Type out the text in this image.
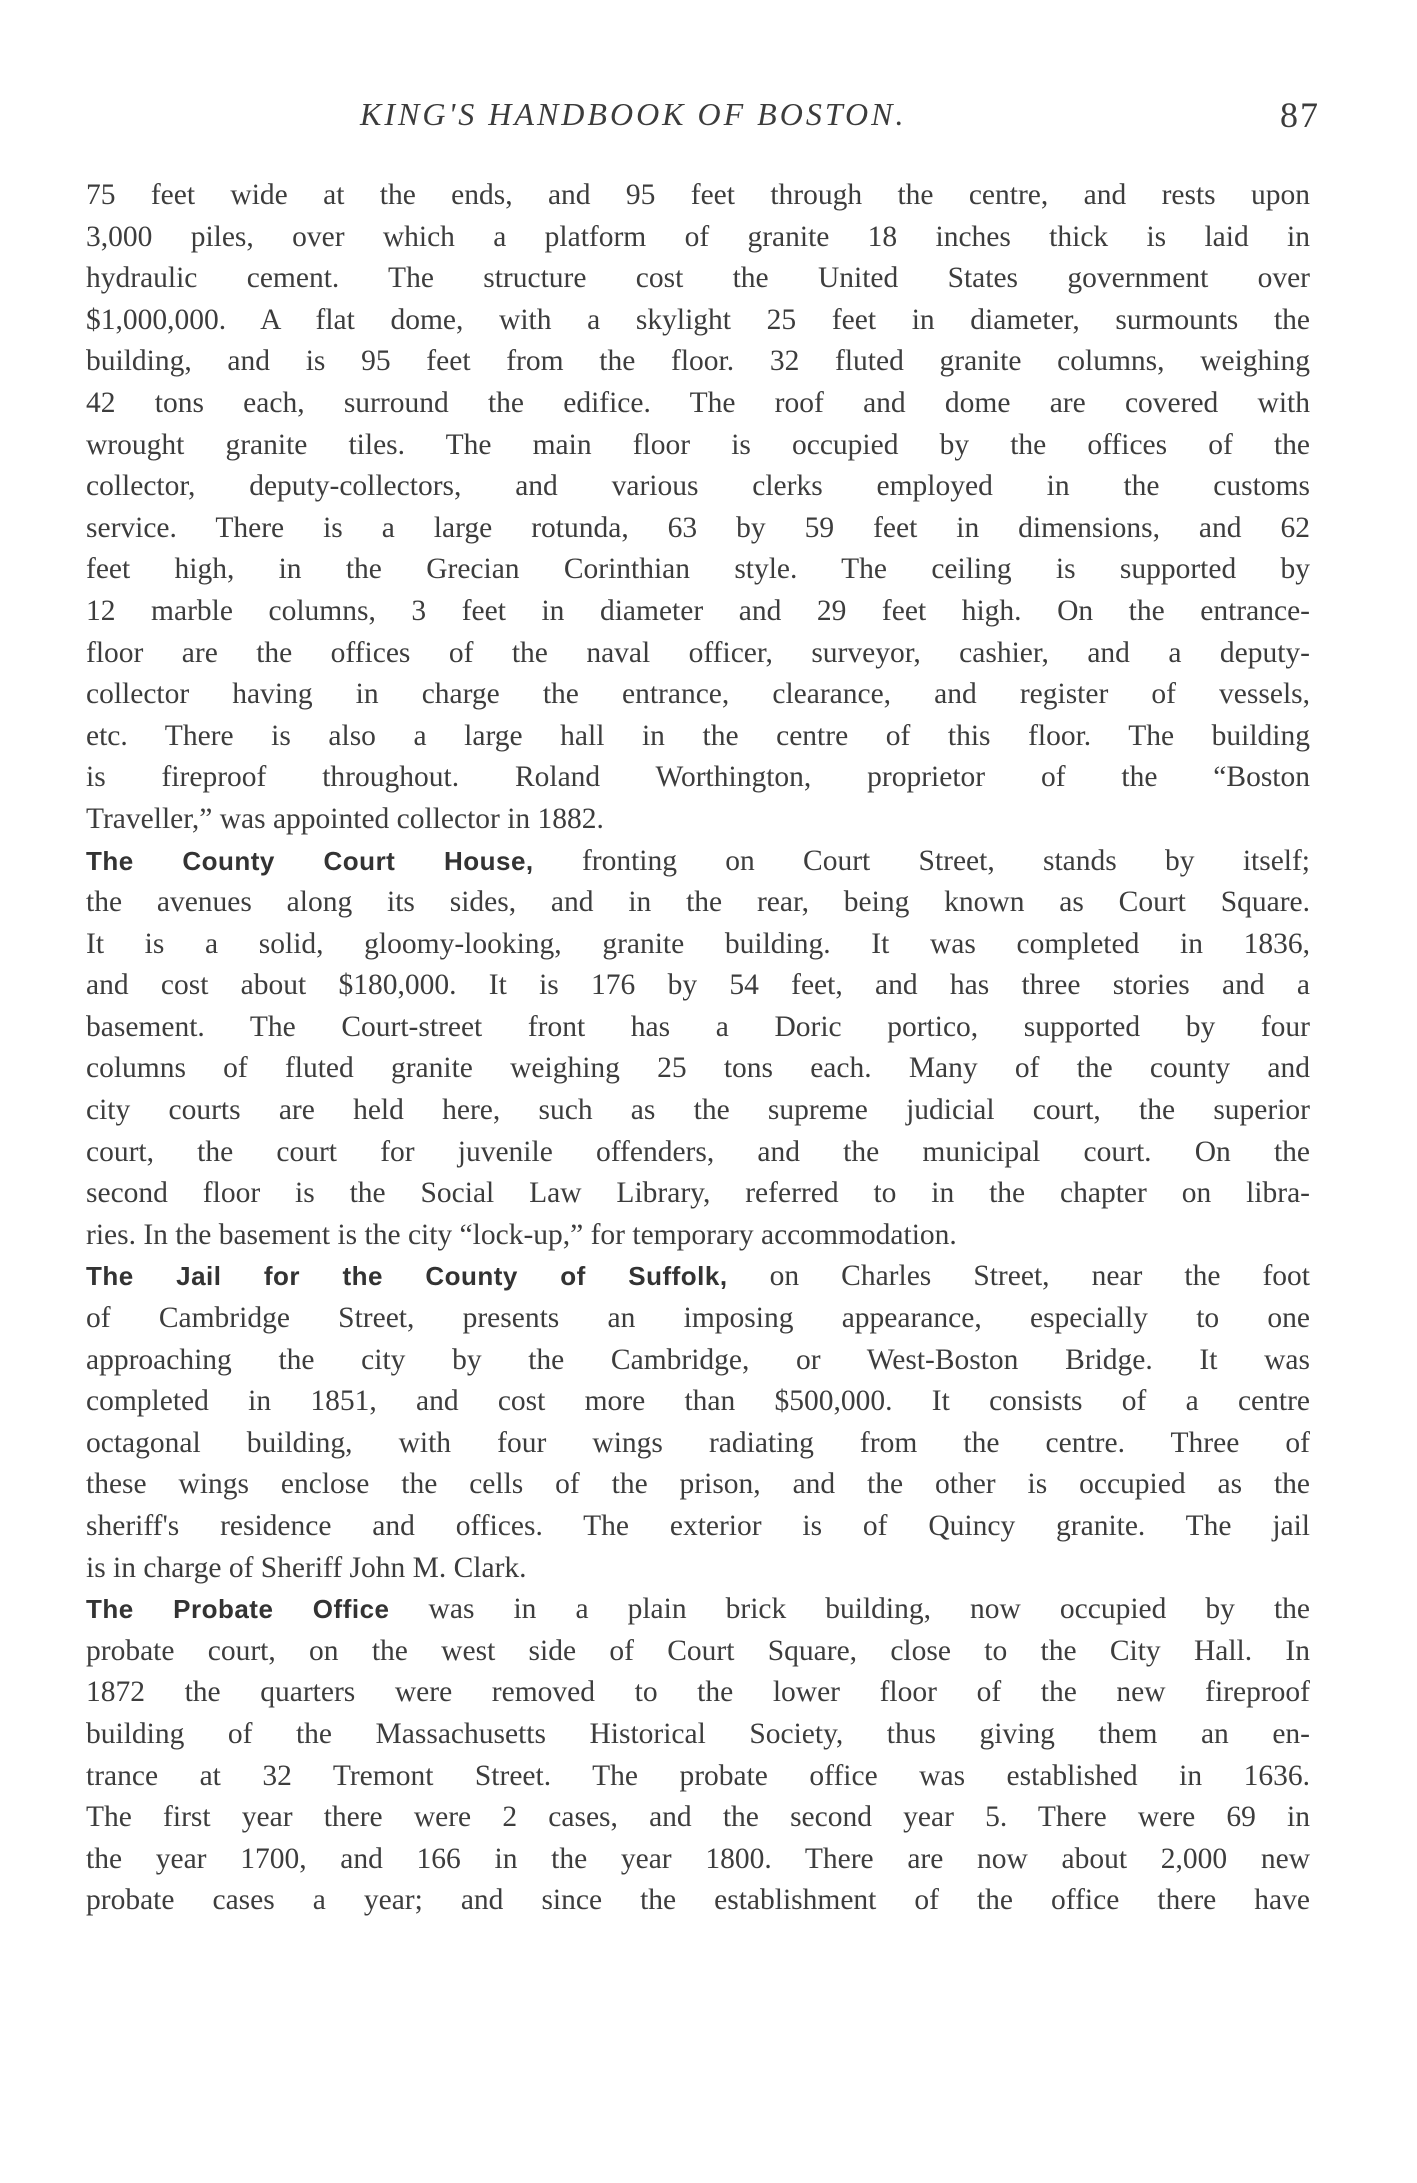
KING'S HANDBOOK OF BOSTON.	87
75 feet wide at the ends, and 95 feet through the centre, and rests upon
3,000 piles, over which a platform of granite 18 inches thick is laid in
hydraulic cement. The structure cost the United States government over
$1,000,000. A flat dome, with a skylight 25 feet in diameter, surmounts the
building, and is 95 feet from the floor. 32 fluted granite columns, weighing
42 tons each, surround the edifice. The roof and dome are covered with
wrought granite tiles. The main floor is occupied by the offices of the
collector, deputy-collectors, and various clerks employed in the customs
service. There is a large rotunda, 63 by 59 feet in dimensions, and 62
feet high, in the Grecian Corinthian style. The ceiling is supported by
12 marble columns, 3 feet in diameter and 29 feet high. On the entrance-
floor are the offices of the naval officer, surveyor, cashier, and a deputy-
collector having in charge the entrance, clearance, and register of vessels,
etc. There is also a large hall in the centre of this floor. The building
is fireproof throughout. Roland Worthington, proprietor of the “Boston
Traveller,” was appointed collector in 1882.
The County Court House, fronting on Court Street, stands by itself;
the avenues along its sides, and in the rear, being known as Court Square.
It is a solid, gloomy-looking, granite building. It was completed in 1836,
and cost about $180,000. It is 176 by 54 feet, and has three stories and a
basement. The Court-street front has a Doric portico, supported by four
columns of fluted granite weighing 25 tons each. Many of the county and
city courts are held here, such as the supreme judicial court, the superior
court, the court for juvenile offenders, and the municipal court. On the
second floor is the Social Law Library, referred to in the chapter on libra-
ries. In the basement is the city “lock-up,” for temporary accommodation.
The Jail for the County of Suffolk, on Charles Street, near the foot
of Cambridge Street, presents an imposing appearance, especially to one
approaching the city by the Cambridge, or West-Boston Bridge. It was
completed in 1851, and cost more than $500,000. It consists of a centre
octagonal building, with four wings radiating from the centre. Three of
these wings enclose the cells of the prison, and the other is occupied as the
sheriff's residence and offices. The exterior is of Quincy granite. The jail
is in charge of Sheriff John M. Clark.
The Probate Office was in a plain brick building, now occupied by the
probate court, on the west side of Court Square, close to the City Hall. In
1872 the quarters were removed to the lower floor of the new fireproof
building of the Massachusetts Historical Society, thus giving them an en-
trance at 32 Tremont Street. The probate office was established in 1636.
The first year there were 2 cases, and the second year 5. There were 69 in
the year 1700, and 166 in the year 1800. There are now about 2,000 new
probate cases a year; and since the establishment of the office there have
